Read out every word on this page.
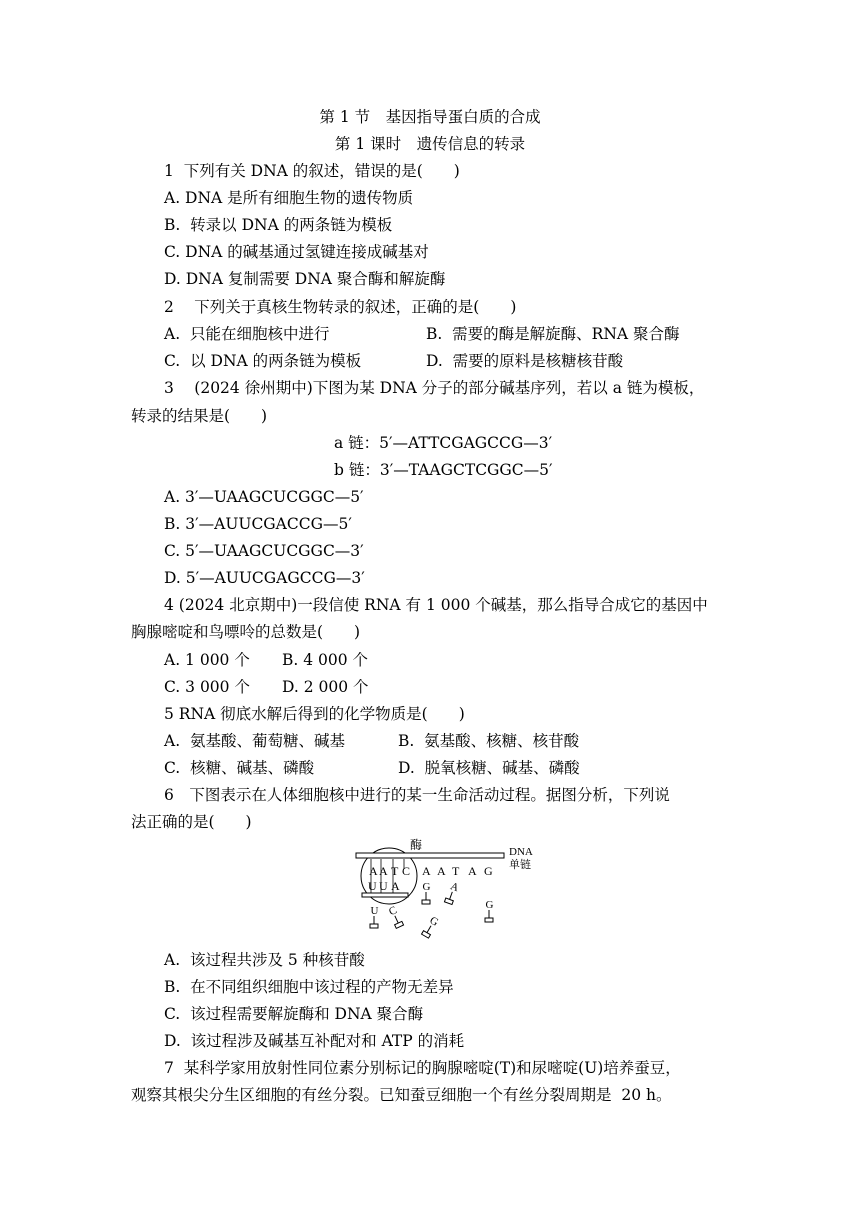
第 1 节　基因指导蛋白质的合成
第 1 课时　遗传信息的转录
1  下列有关 DNA 的叙述，错误的是(　　)
A. DNA 是所有细胞生物的遗传物质
B.  转录以 DNA 的两条链为模板
C. DNA 的碱基通过氢键连接成碱基对
D. DNA 复制需要 DNA 聚合酶和解旋酶
2　 下列关于真核生物转录的叙述，正确的是(　　)
A.  只能在细胞核中进行	B.  需要的酶是解旋酶、RNA 聚合酶
C.  以 DNA 的两条链为模板	D.  需要的原料是核糖核苷酸
3　 (2024 徐州期中)下图为某 DNA 分子的部分碱基序列，若以 a 链为模板，
转录的结果是(　　)
a 链：5′—ATTCGAGCCG—3′
b 链：3′—TAAGCTCGGC—5′
A. 3′—UAAGCUCGGC—5′
B. 3′—AUUCGACCG—5′
C. 5′—UAAGCUCGGC—3′
D. 5′—AUUCGAGCCG—3′
4 (2024 北京期中)一段信使 RNA 有 1 000 个碱基，那么指导合成它的基因中
胸腺嘧啶和鸟嘌呤的总数是(　　)
A. 1 000 个 B. 4 000 个
C. 3 000 个 D. 2 000 个
5 RNA 彻底水解后得到的化学物质是(　　)
A.  氨基酸、葡萄糖、碱基	B.  氨基酸、核糖、核苷酸
C.  核糖、碱基、磷酸	D.  脱氧核糖、碱基、磷酸
6　下图表示在人体细胞核中进行的某一生命活动过程。据图分析，下列说
法正确的是(　　)
酶	DNA
单链
A A T C A A T A G
U U A G A
G
U C
G
A.  该过程共涉及 5 种核苷酸
B.  在不同组织细胞中该过程的产物无差异
C.  该过程需要解旋酶和 DNA 聚合酶
D.  该过程涉及碱基互补配对和 ATP 的消耗
7  某科学家用放射性同位素分别标记的胸腺嘧啶(T)和尿嘧啶(U)培养蚕豆，
观察其根尖分生区细胞的有丝分裂。已知蚕豆细胞一个有丝分裂周期是  20 h。
